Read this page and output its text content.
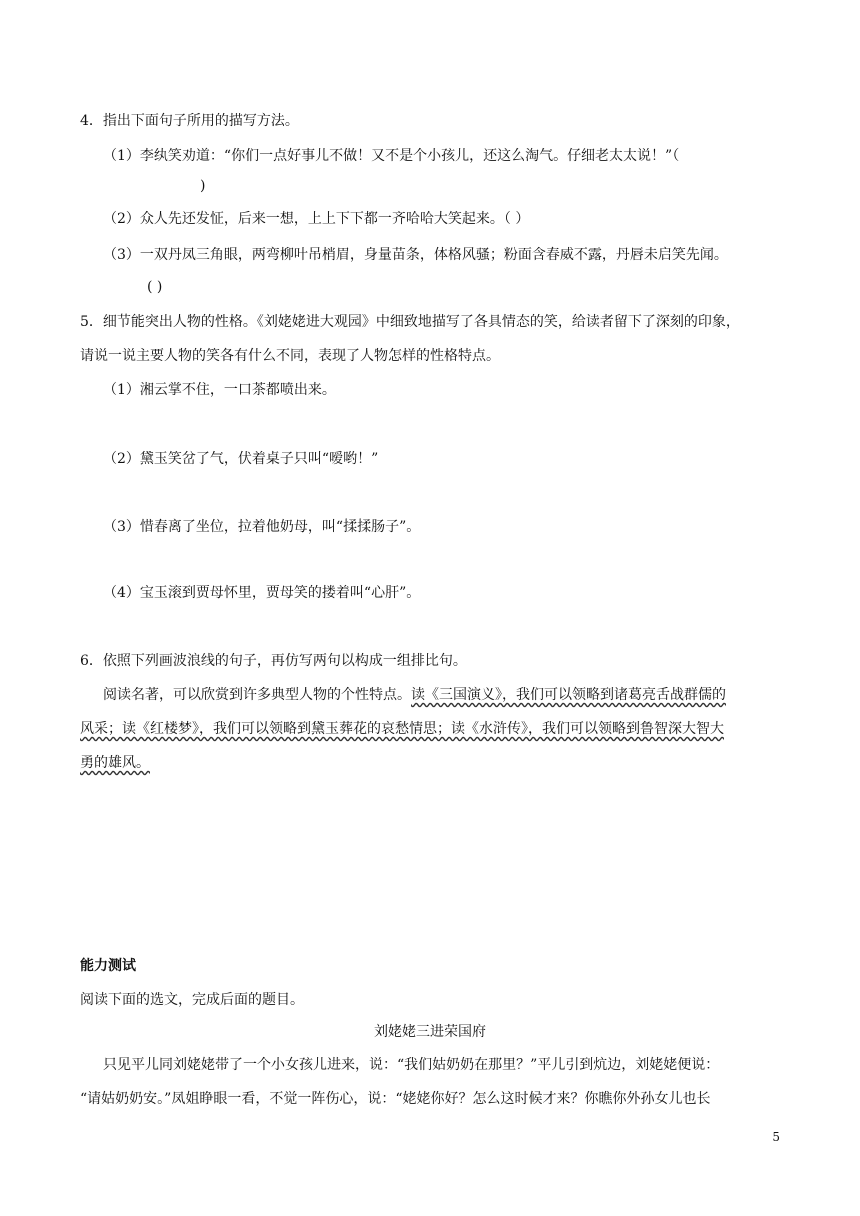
4．指出下面句子所用的描写方法。
（1）李纨笑劝道：“你们一点好事儿不做！又不是个小孩儿，还这么淘气。仔细老太太说！”（
)
（2）众人先还发怔，后来一想，上上下下都一齐哈哈大笑起来。（ ）
（3）一双丹凤三角眼，两弯柳叶吊梢眉，身量苗条，体格风骚；粉面含春威不露，丹唇未启笑先闻。
( )
5．细节能突出人物的性格。《刘姥姥进大观园》中细致地描写了各具情态的笑，给读者留下了深刻的印象，
请说一说主要人物的笑各有什么不同，表现了人物怎样的性格特点。
（1）湘云掌不住，一口茶都喷出来。
（2）黛玉笑岔了气，伏着桌子只叫“嗳哟！”
（3）惜春离了坐位，拉着他奶母，叫“揉揉肠子”。
（4）宝玉滚到贾母怀里，贾母笑的搂着叫“心肝”。
6．依照下列画波浪线的句子，再仿写两句以构成一组排比句。
阅读名著，可以欣赏到许多典型人物的个性特点。读《三国演义》，我们可以领略到诸葛亮舌战群儒的
风采；读《红楼梦》，我们可以领略到黛玉葬花的哀愁情思；读《水浒传》，我们可以领略到鲁智深大智大
勇的雄风。
能力测试
阅读下面的选文，完成后面的题目。
刘姥姥三进荣国府
只见平儿同刘姥姥带了一个小女孩儿进来，说：“我们姑奶奶在那里？”平儿引到炕边，刘姥姥便说：
“请姑奶奶安。”凤姐睁眼一看，不觉一阵伤心，说：“姥姥你好？怎么这时候才来？你瞧你外孙女儿也长
5
